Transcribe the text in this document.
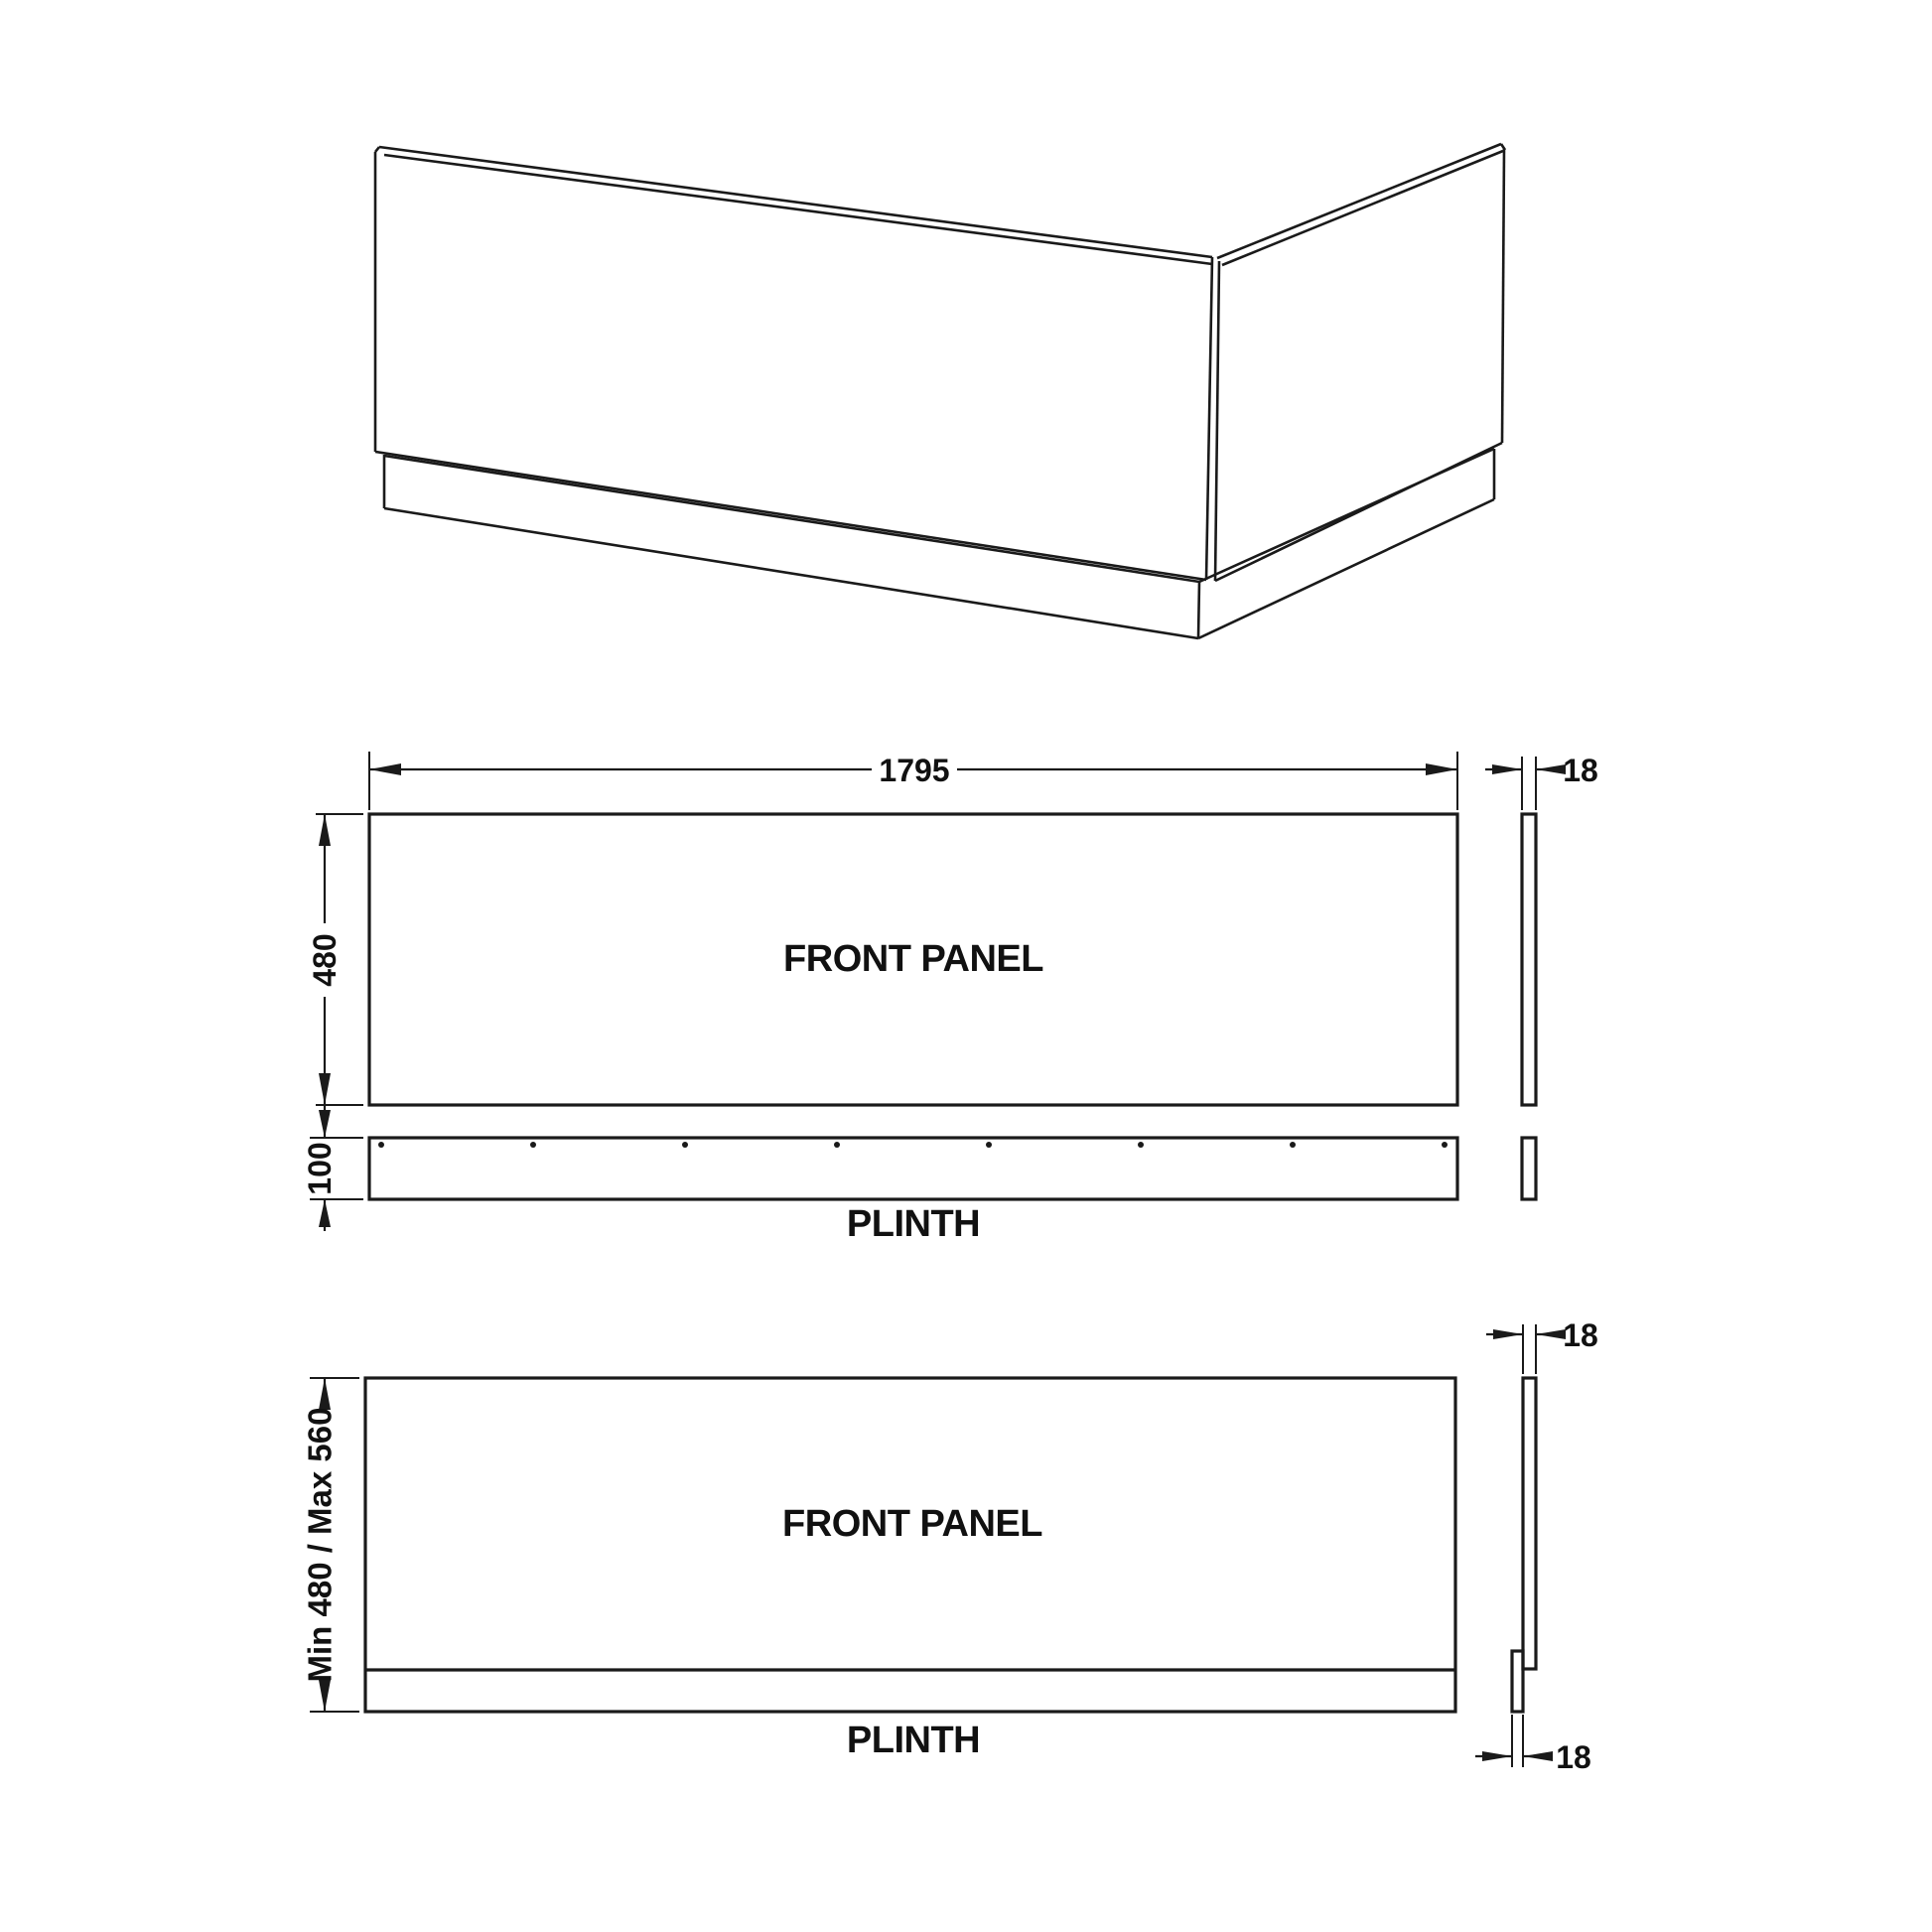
FRONT PANEL
1795
480
18
100
PLINTH
FRONT PANEL
PLINTH
Min 480 / Max 560
18
18
